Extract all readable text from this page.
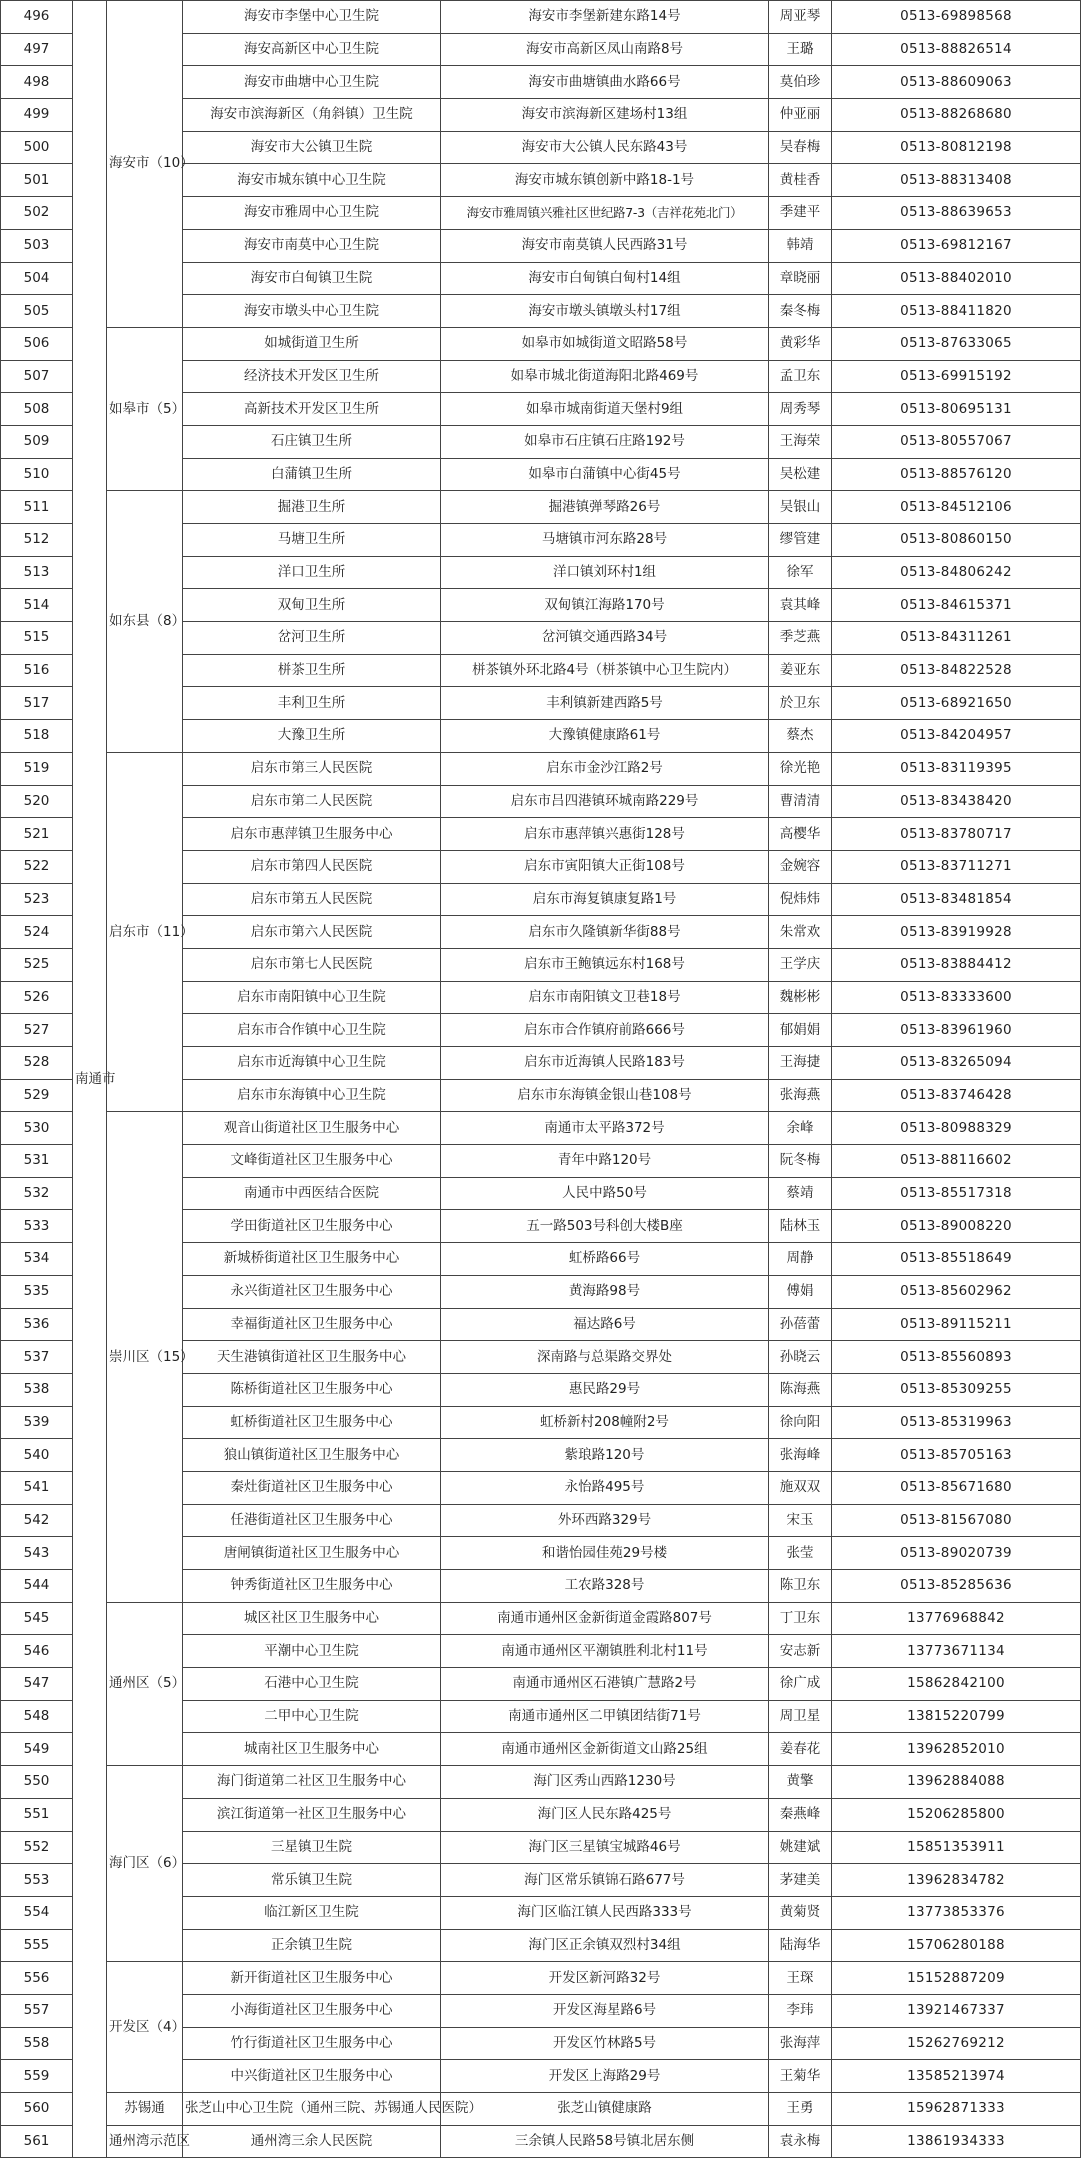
496	南通市	海安市（10）	海安市李堡中心卫生院	海安市李堡新建东路14号	周亚琴	0513-69898568
497			海安高新区中心卫生院	海安市高新区凤山南路8号	王璐	0513-88826514
498			海安市曲塘中心卫生院	海安市曲塘镇曲水路66号	莫伯珍	0513-88609063
499			海安市滨海新区（角斜镇）卫生院	海安市滨海新区建场村13组	仲亚丽	0513-88268680
500			海安市大公镇卫生院	海安市大公镇人民东路43号	吴春梅	0513-80812198
501			海安市城东镇中心卫生院	海安市城东镇创新中路18-1号	黄桂香	0513-88313408
502			海安市雅周中心卫生院	海安市雅周镇兴雅社区世纪路7-3（吉祥花苑北门）	季建平	0513-88639653
503			海安市南莫中心卫生院	海安市南莫镇人民西路31号	韩靖	0513-69812167
504			海安市白甸镇卫生院	海安市白甸镇白甸村14组	章晓丽	0513-88402010
505			海安市墩头中心卫生院	海安市墩头镇墩头村17组	秦冬梅	0513-88411820
506		如皋市（5）	如城街道卫生所	如皋市如城街道文昭路58号	黄彩华	0513-87633065
507			经济技术开发区卫生所	如皋市城北街道海阳北路469号	孟卫东	0513-69915192
508			高新技术开发区卫生所	如皋市城南街道天堡村9组	周秀琴	0513-80695131
509			石庄镇卫生所	如皋市石庄镇石庄路192号	王海荣	0513-80557067
510			白蒲镇卫生所	如皋市白蒲镇中心街45号	吴松建	0513-88576120
511		如东县（8）	掘港卫生所	掘港镇弹琴路26号	吴银山	0513-84512106
512			马塘卫生所	马塘镇市河东路28号	缪管建	0513-80860150
513			洋口卫生所	洋口镇刘环村1组	徐军	0513-84806242
514			双甸卫生所	双甸镇江海路170号	袁其峰	0513-84615371
515			岔河卫生所	岔河镇交通西路34号	季芝燕	0513-84311261
516			栟茶卫生所	栟茶镇外环北路4号（栟茶镇中心卫生院内）	姜亚东	0513-84822528
517			丰利卫生所	丰利镇新建西路5号	於卫东	0513-68921650
518			大豫卫生所	大豫镇健康路61号	蔡杰	0513-84204957
519		启东市（11）	启东市第三人民医院	启东市金沙江路2号	徐光艳	0513-83119395
520			启东市第二人民医院	启东市吕四港镇环城南路229号	曹清清	0513-83438420
521			启东市惠萍镇卫生服务中心	启东市惠萍镇兴惠街128号	高樱华	0513-83780717
522			启东市第四人民医院	启东市寅阳镇大正街108号	金婉容	0513-83711271
523			启东市第五人民医院	启东市海复镇康复路1号	倪炜炜	0513-83481854
524			启东市第六人民医院	启东市久隆镇新华街88号	朱常欢	0513-83919928
525			启东市第七人民医院	启东市王鲍镇远东村168号	王学庆	0513-83884412
526			启东市南阳镇中心卫生院	启东市南阳镇文卫巷18号	魏彬彬	0513-83333600
527			启东市合作镇中心卫生院	启东市合作镇府前路666号	郁娟娟	0513-83961960
528			启东市近海镇中心卫生院	启东市近海镇人民路183号	王海捷	0513-83265094
529			启东市东海镇中心卫生院	启东市东海镇金银山巷108号	张海燕	0513-83746428
530		崇川区（15）	观音山街道社区卫生服务中心	南通市太平路372号	余峰	0513-80988329
531			文峰街道社区卫生服务中心	青年中路120号	阮冬梅	0513-88116602
532			南通市中西医结合医院	人民中路50号	蔡靖	0513-85517318
533			学田街道社区卫生服务中心	五一路503号科创大楼B座	陆林玉	0513-89008220
534			新城桥街道社区卫生服务中心	虹桥路66号	周静	0513-85518649
535			永兴街道社区卫生服务中心	黄海路98号	傅娟	0513-85602962
536			幸福街道社区卫生服务中心	福达路6号	孙蓓蕾	0513-89115211
537			天生港镇街道社区卫生服务中心	深南路与总渠路交界处	孙晓云	0513-85560893
538			陈桥街道社区卫生服务中心	惠民路29号	陈海燕	0513-85309255
539			虹桥街道社区卫生服务中心	虹桥新村208幢附2号	徐向阳	0513-85319963
540			狼山镇街道社区卫生服务中心	紫琅路120号	张海峰	0513-85705163
541			秦灶街道社区卫生服务中心	永怡路495号	施双双	0513-85671680
542			任港街道社区卫生服务中心	外环西路329号	宋玉	0513-81567080
543			唐闸镇街道社区卫生服务中心	和谐怡园佳苑29号楼	张莹	0513-89020739
544			钟秀街道社区卫生服务中心	工农路328号	陈卫东	0513-85285636
545		通州区（5）	城区社区卫生服务中心	南通市通州区金新街道金霞路807号	丁卫东	13776968842
546			平潮中心卫生院	南通市通州区平潮镇胜利北村11号	安志新	13773671134
547			石港中心卫生院	南通市通州区石港镇广慧路2号	徐广成	15862842100
548			二甲中心卫生院	南通市通州区二甲镇团结街71号	周卫星	13815220799
549			城南社区卫生服务中心	南通市通州区金新街道文山路25组	姜春花	13962852010
550		海门区（6）	海门街道第二社区卫生服务中心	海门区秀山西路1230号	黄擎	13962884088
551			滨江街道第一社区卫生服务中心	海门区人民东路425号	秦燕峰	15206285800
552			三星镇卫生院	海门区三星镇宝城路46号	姚建斌	15851353911
553			常乐镇卫生院	海门区常乐镇锦石路677号	茅建美	13962834782
554			临江新区卫生院	海门区临江镇人民西路333号	黄菊贤	13773853376
555			正余镇卫生院	海门区正余镇双烈村34组	陆海华	15706280188
556		开发区（4）	新开街道社区卫生服务中心	开发区新河路32号	王琛	15152887209
557			小海街道社区卫生服务中心	开发区海星路6号	李玮	13921467337
558			竹行街道社区卫生服务中心	开发区竹林路5号	张海萍	15262769212
559			中兴街道社区卫生服务中心	开发区上海路29号	王菊华	13585213974
560		苏锡通	张芝山中心卫生院（通州三院、苏锡通人民医院）	张芝山镇健康路	王勇	15962871333
561		通州湾示范区	通州湾三余人民医院	三余镇人民路58号镇北居东侧	袁永梅	13861934333
